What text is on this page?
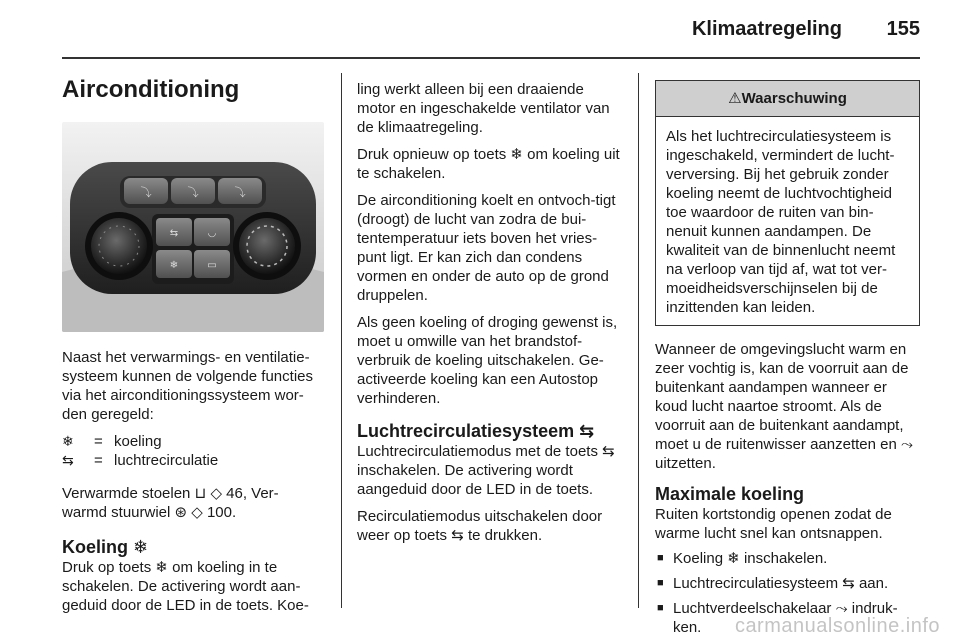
Klimaatregeling 155
Airconditioning
⤵	⤵	⤵
⇆	◡
❄	▭

Naast het verwarmings- en ventilatie-systeem kunnen de volgende functies via het airconditioningssysteem wor-den geregeld:

❄	=	koeling
⇆	=	luchtrecirculatie

Verwarmde stoelen ⊔ ◇ 46, Ver-
warmd stuurwiel ⊛ ◇ 100.

Koeling ❄

Druk op toets ❄ om koeling in te schakelen. De activering wordt aan-geduid door de LED in de toets. Koe-

ling werkt alleen bij een draaiende motor en ingeschakelde ventilator van de klimaatregeling.

Druk opnieuw op toets ❄ om koeling uit te schakelen.

De airconditioning koelt en ontvoch-tigt (droogt) de lucht van zodra de bui-tentemperatuur iets boven het vries-punt ligt. Er kan zich dan condens vormen en onder de auto op de grond druppelen.

Als geen koeling of droging gewenst is, moet u omwille van het brandstof-verbruik de koeling uitschakelen. Ge-activeerde koeling kan een Autostop verhinderen.

Luchtrecirculatiesysteem ⇆

Luchtrecirculatiemodus met de toets ⇆ inschakelen. De activering wordt aangeduid door de LED in de toets.

Recirculatiemodus uitschakelen door weer op toets ⇆ te drukken.

⚠Waarschuwing
Als het luchtrecirculatiesysteem is ingeschakeld, vermindert de lucht-verversing. Bij het gebruik zonder koeling neemt de luchtvochtigheid toe waardoor de ruiten van bin-nenuit kunnen aandampen. De kwaliteit van de binnenlucht neemt na verloop van tijd af, wat tot ver-moeidheidsverschijnselen bij de inzittenden kan leiden.

Wanneer de omgevingslucht warm en zeer vochtig is, kan de voorruit aan de buitenkant aandampen wanneer er koud lucht naartoe stroomt. Als de voorruit aan de buitenkant aandampt, moet u de ruitenwisser aanzetten en ⤳ uitzetten.

Maximale koeling

Ruiten kortstondig openen zodat de warme lucht snel kan ontsnappen.

■ Koeling ❄ inschakelen.
■ Luchtrecirculatiesysteem ⇆ aan.
■ Luchtverdeelschakelaar ⤳ indruk-ken.	carmanualsonline.info
